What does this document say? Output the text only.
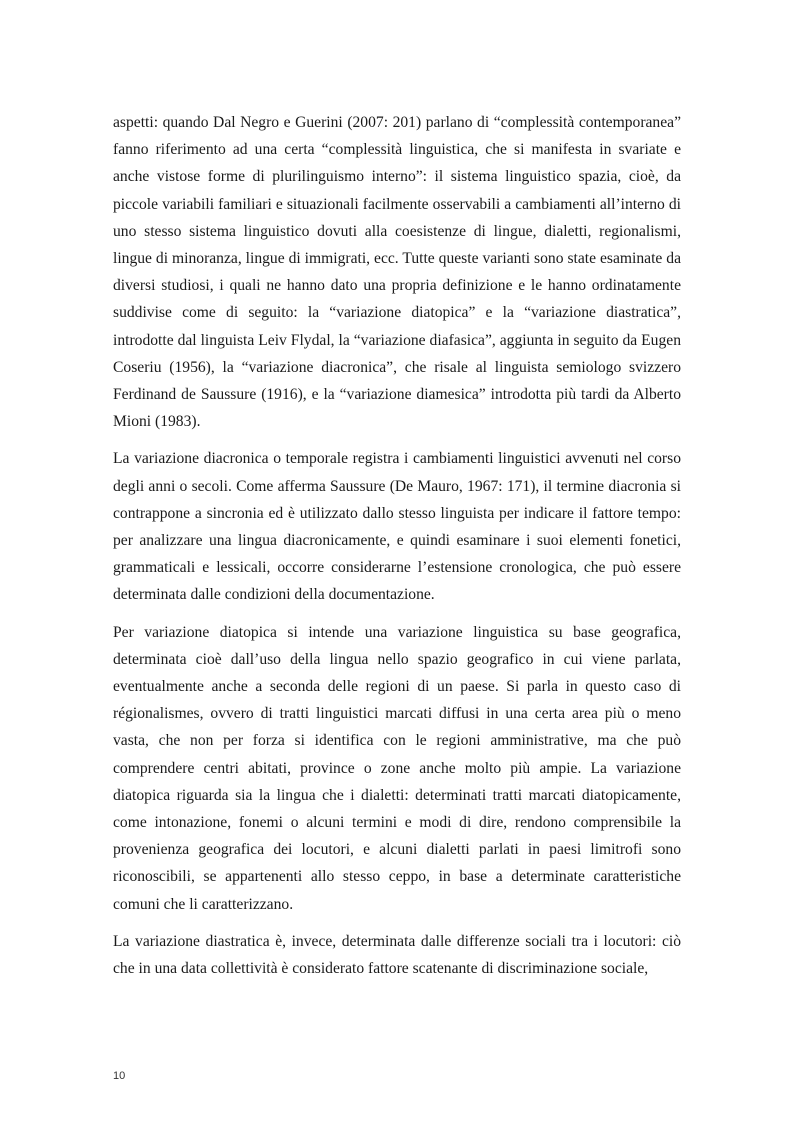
aspetti: quando Dal Negro e Guerini (2007: 201) parlano di “complessità contemporanea” fanno riferimento ad una certa “complessità linguistica, che si manifesta in svariate e anche vistose forme di plurilinguismo interno”: il sistema linguistico spazia, cioè, da piccole variabili familiari e situazionali facilmente osservabili a cambiamenti all’interno di uno stesso sistema linguistico dovuti alla coesistenze di lingue, dialetti, regionalismi, lingue di minoranza, lingue di immigrati, ecc. Tutte queste varianti sono state esaminate da diversi studiosi, i quali ne hanno dato una propria definizione e le hanno ordinatamente suddivise come di seguito: la “variazione diatopica” e la “variazione diastratica”, introdotte dal linguista Leiv Flydal, la “variazione diafasica”, aggiunta in seguito da Eugen Coseriu (1956), la “variazione diacronica”, che risale al linguista semiologo svizzero Ferdinand de Saussure (1916), e la “variazione diamesica” introdotta più tardi da Alberto Mioni (1983).

La variazione diacronica o temporale registra i cambiamenti linguistici avvenuti nel corso degli anni o secoli. Come afferma Saussure (De Mauro, 1967: 171), il termine diacronia si contrappone a sincronia ed è utilizzato dallo stesso linguista per indicare il fattore tempo: per analizzare una lingua diacronicamente, e quindi esaminare i suoi elementi fonetici, grammaticali e lessicali, occorre considerarne l’estensione cronologica, che può essere determinata dalle condizioni della documentazione.

Per variazione diatopica si intende una variazione linguistica su base geografica, determinata cioè dall’uso della lingua nello spazio geografico in cui viene parlata, eventualmente anche a seconda delle regioni di un paese. Si parla in questo caso di régionalismes, ovvero di tratti linguistici marcati diffusi in una certa area più o meno vasta, che non per forza si identifica con le regioni amministrative, ma che può comprendere centri abitati, province o zone anche molto più ampie. La variazione diatopica riguarda sia la lingua che i dialetti: determinati tratti marcati diatopicamente, come intonazione, fonemi o alcuni termini e modi di dire, rendono comprensibile la provenienza geografica dei locutori, e alcuni dialetti parlati in paesi limitrofi sono riconoscibili, se appartenenti allo stesso ceppo, in base a determinate caratteristiche comuni che li caratterizzano.

La variazione diastratica è, invece, determinata dalle differenze sociali tra i locutori: ciò che in una data collettività è considerato fattore scatenante di discriminazione sociale,

10
